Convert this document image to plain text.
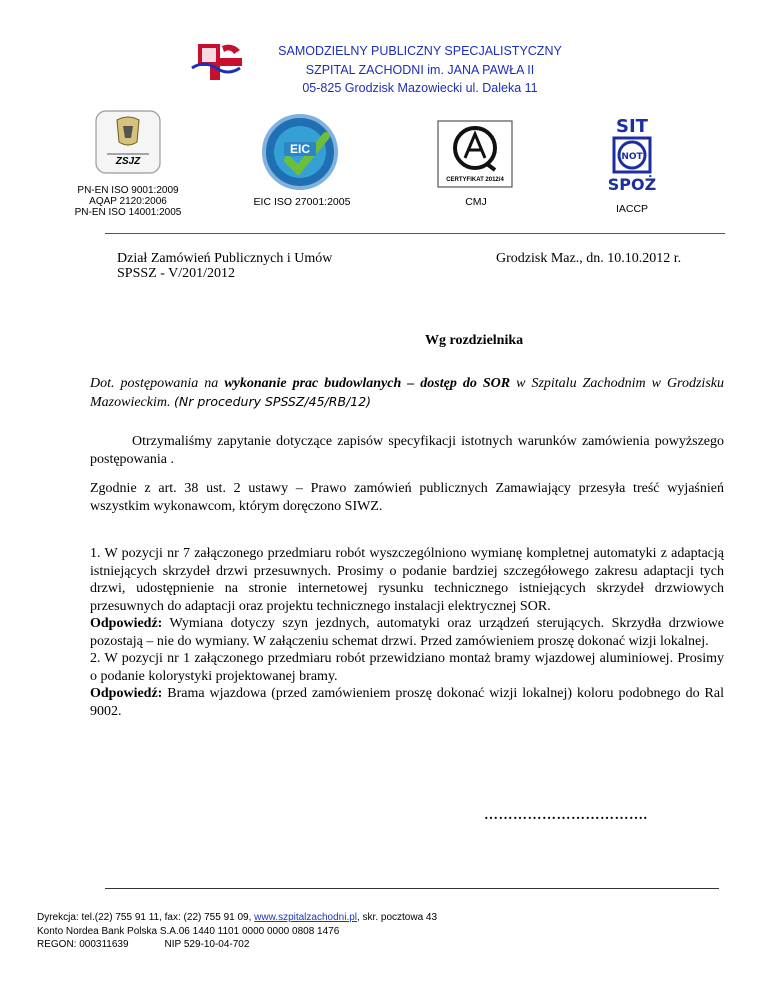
SAMODZIELNY PUBLICZNY SPECJALISTYCZNY
SZPITAL ZACHODNI im. JANA PAWŁA II
05-825 Grodzisk Mazowiecki ul. Daleka 11
ZSJZ
PN-EN ISO 9001:2009
AQAP 2120:2006
PN-EN ISO 14001:2005
EIC
EIC ISO 27001:2005
CERTYFIKAT 2012/4
CMJ
SIT
NOT
SPOŻ
IACCP
Dział Zamówień Publicznych i Umów
SPSSZ - V/201/2012
Grodzisk Maz., dn. 10.10.2012 r.
Wg rozdzielnika
Dot. postępowania na wykonanie prac budowlanych – dostęp do SOR w Szpitalu Zachodnim w Grodzisku Mazowieckim. (Nr procedury SPSSZ/45/RB/12)
Otrzymaliśmy zapytanie dotyczące zapisów specyfikacji istotnych warunków zamówienia powyższego postępowania .
Zgodnie z art. 38 ust. 2 ustawy – Prawo zamówień publicznych Zamawiający przesyła treść wyjaśnień wszystkim wykonawcom, którym doręczono SIWZ.
1. W pozycji nr 7 załączonego przedmiaru robót wyszczególniono wymianę kompletnej automatyki z adaptacją istniejących skrzydeł drzwi przesuwnych. Prosimy o podanie bardziej szczegółowego zakresu adaptacji tych drzwi, udostępnienie na stronie internetowej rysunku technicznego istniejących skrzydeł drzwiowych przesuwnych do adaptacji oraz projektu technicznego instalacji elektrycznej SOR.
Odpowiedź: Wymiana dotyczy szyn jezdnych, automatyki oraz urządzeń sterujących. Skrzydła drzwiowe pozostają – nie do wymiany. W załączeniu schemat drzwi. Przed zamówieniem proszę dokonać wizji lokalnej.
2. W pozycji nr 1 załączonego przedmiaru robót przewidziano montaż bramy wjazdowej aluminiowej. Prosimy o podanie kolorystyki projektowanej bramy.
Odpowiedź: Brama wjazdowa (przed zamówieniem proszę dokonać wizji lokalnej) koloru podobnego do Ral 9002.
…………………………….
Dyrekcja: tel.(22) 755 91 11, fax: (22) 755 91 09, www.szpitalzachodni.pl, skr. pocztowa 43
Konto Nordea Bank Polska S.A.06 1440 1101 0000 0000 0808 1476
REGON: 000311639	NIP 529-10-04-702
